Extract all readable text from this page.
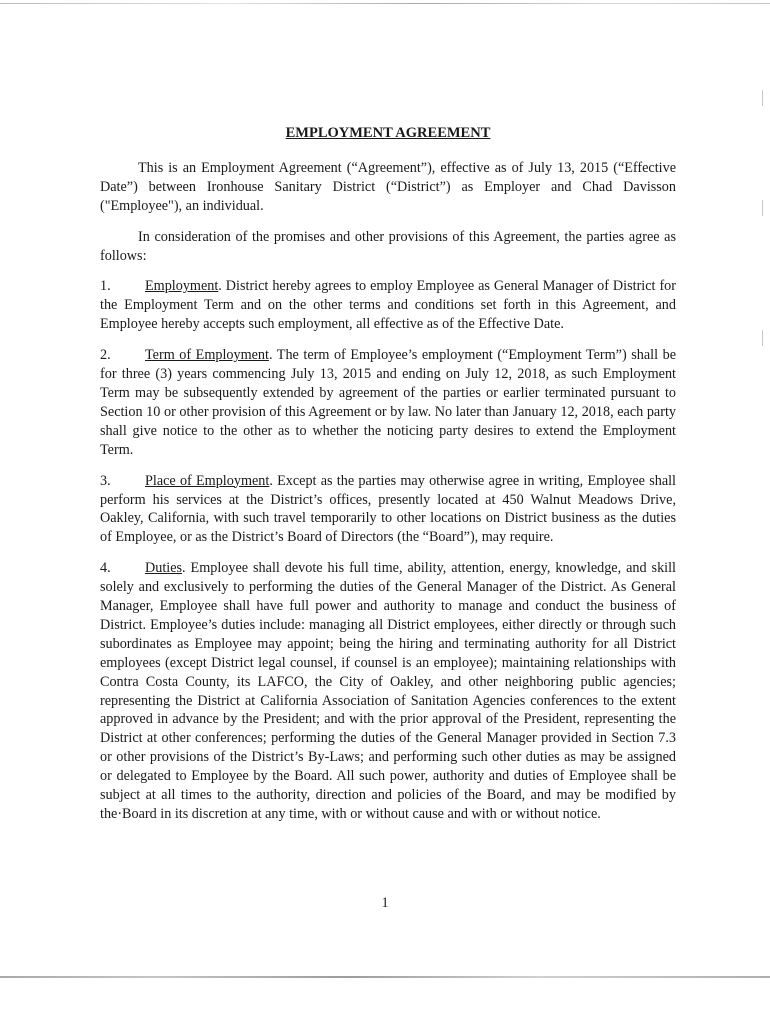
EMPLOYMENT AGREEMENT

This is an Employment Agreement (“Agreement”), effective as of July 13, 2015 (“Effective Date”) between Ironhouse Sanitary District (“District”) as Employer and Chad Davisson ("Employee"), an individual.

In consideration of the promises and other provisions of this Agreement, the parties agree as follows:

1. Employment. District hereby agrees to employ Employee as General Manager of District for the Employment Term and on the other terms and conditions set forth in this Agreement, and Employee hereby accepts such employment, all effective as of the Effective Date.

2. Term of Employment. The term of Employee’s employment (“Employment Term”) shall be for three (3) years commencing July 13, 2015 and ending on July 12, 2018, as such Employment Term may be subsequently extended by agreement of the parties or earlier terminated pursuant to Section 10 or other provision of this Agreement or by law. No later than January 12, 2018, each party shall give notice to the other as to whether the noticing party desires to extend the Employment Term.

3. Place of Employment. Except as the parties may otherwise agree in writing, Employee shall perform his services at the District’s offices, presently located at 450 Walnut Meadows Drive, Oakley, California, with such travel temporarily to other locations on District business as the duties of Employee, or as the District’s Board of Directors (the “Board”), may require.

4. Duties. Employee shall devote his full time, ability, attention, energy, knowledge, and skill solely and exclusively to performing the duties of the General Manager of the District. As General Manager, Employee shall have full power and authority to manage and conduct the business of District. Employee’s duties include: managing all District employees, either directly or through such subordinates as Employee may appoint; being the hiring and terminating authority for all District employees (except District legal counsel, if counsel is an employee); maintaining relationships with Contra Costa County, its LAFCO, the City of Oakley, and other neighboring public agencies; representing the District at California Association of Sanitation Agencies conferences to the extent approved in advance by the President; and with the prior approval of the President, representing the District at other conferences; performing the duties of the General Manager provided in Section 7.3 or other provisions of the District’s By-Laws; and performing such other duties as may be assigned or delegated to Employee by the Board. All such power, authority and duties of Employee shall be subject at all times to the authority, direction and policies of the Board, and may be modified by the·Board in its discretion at any time, with or without cause and with or without notice.

1
